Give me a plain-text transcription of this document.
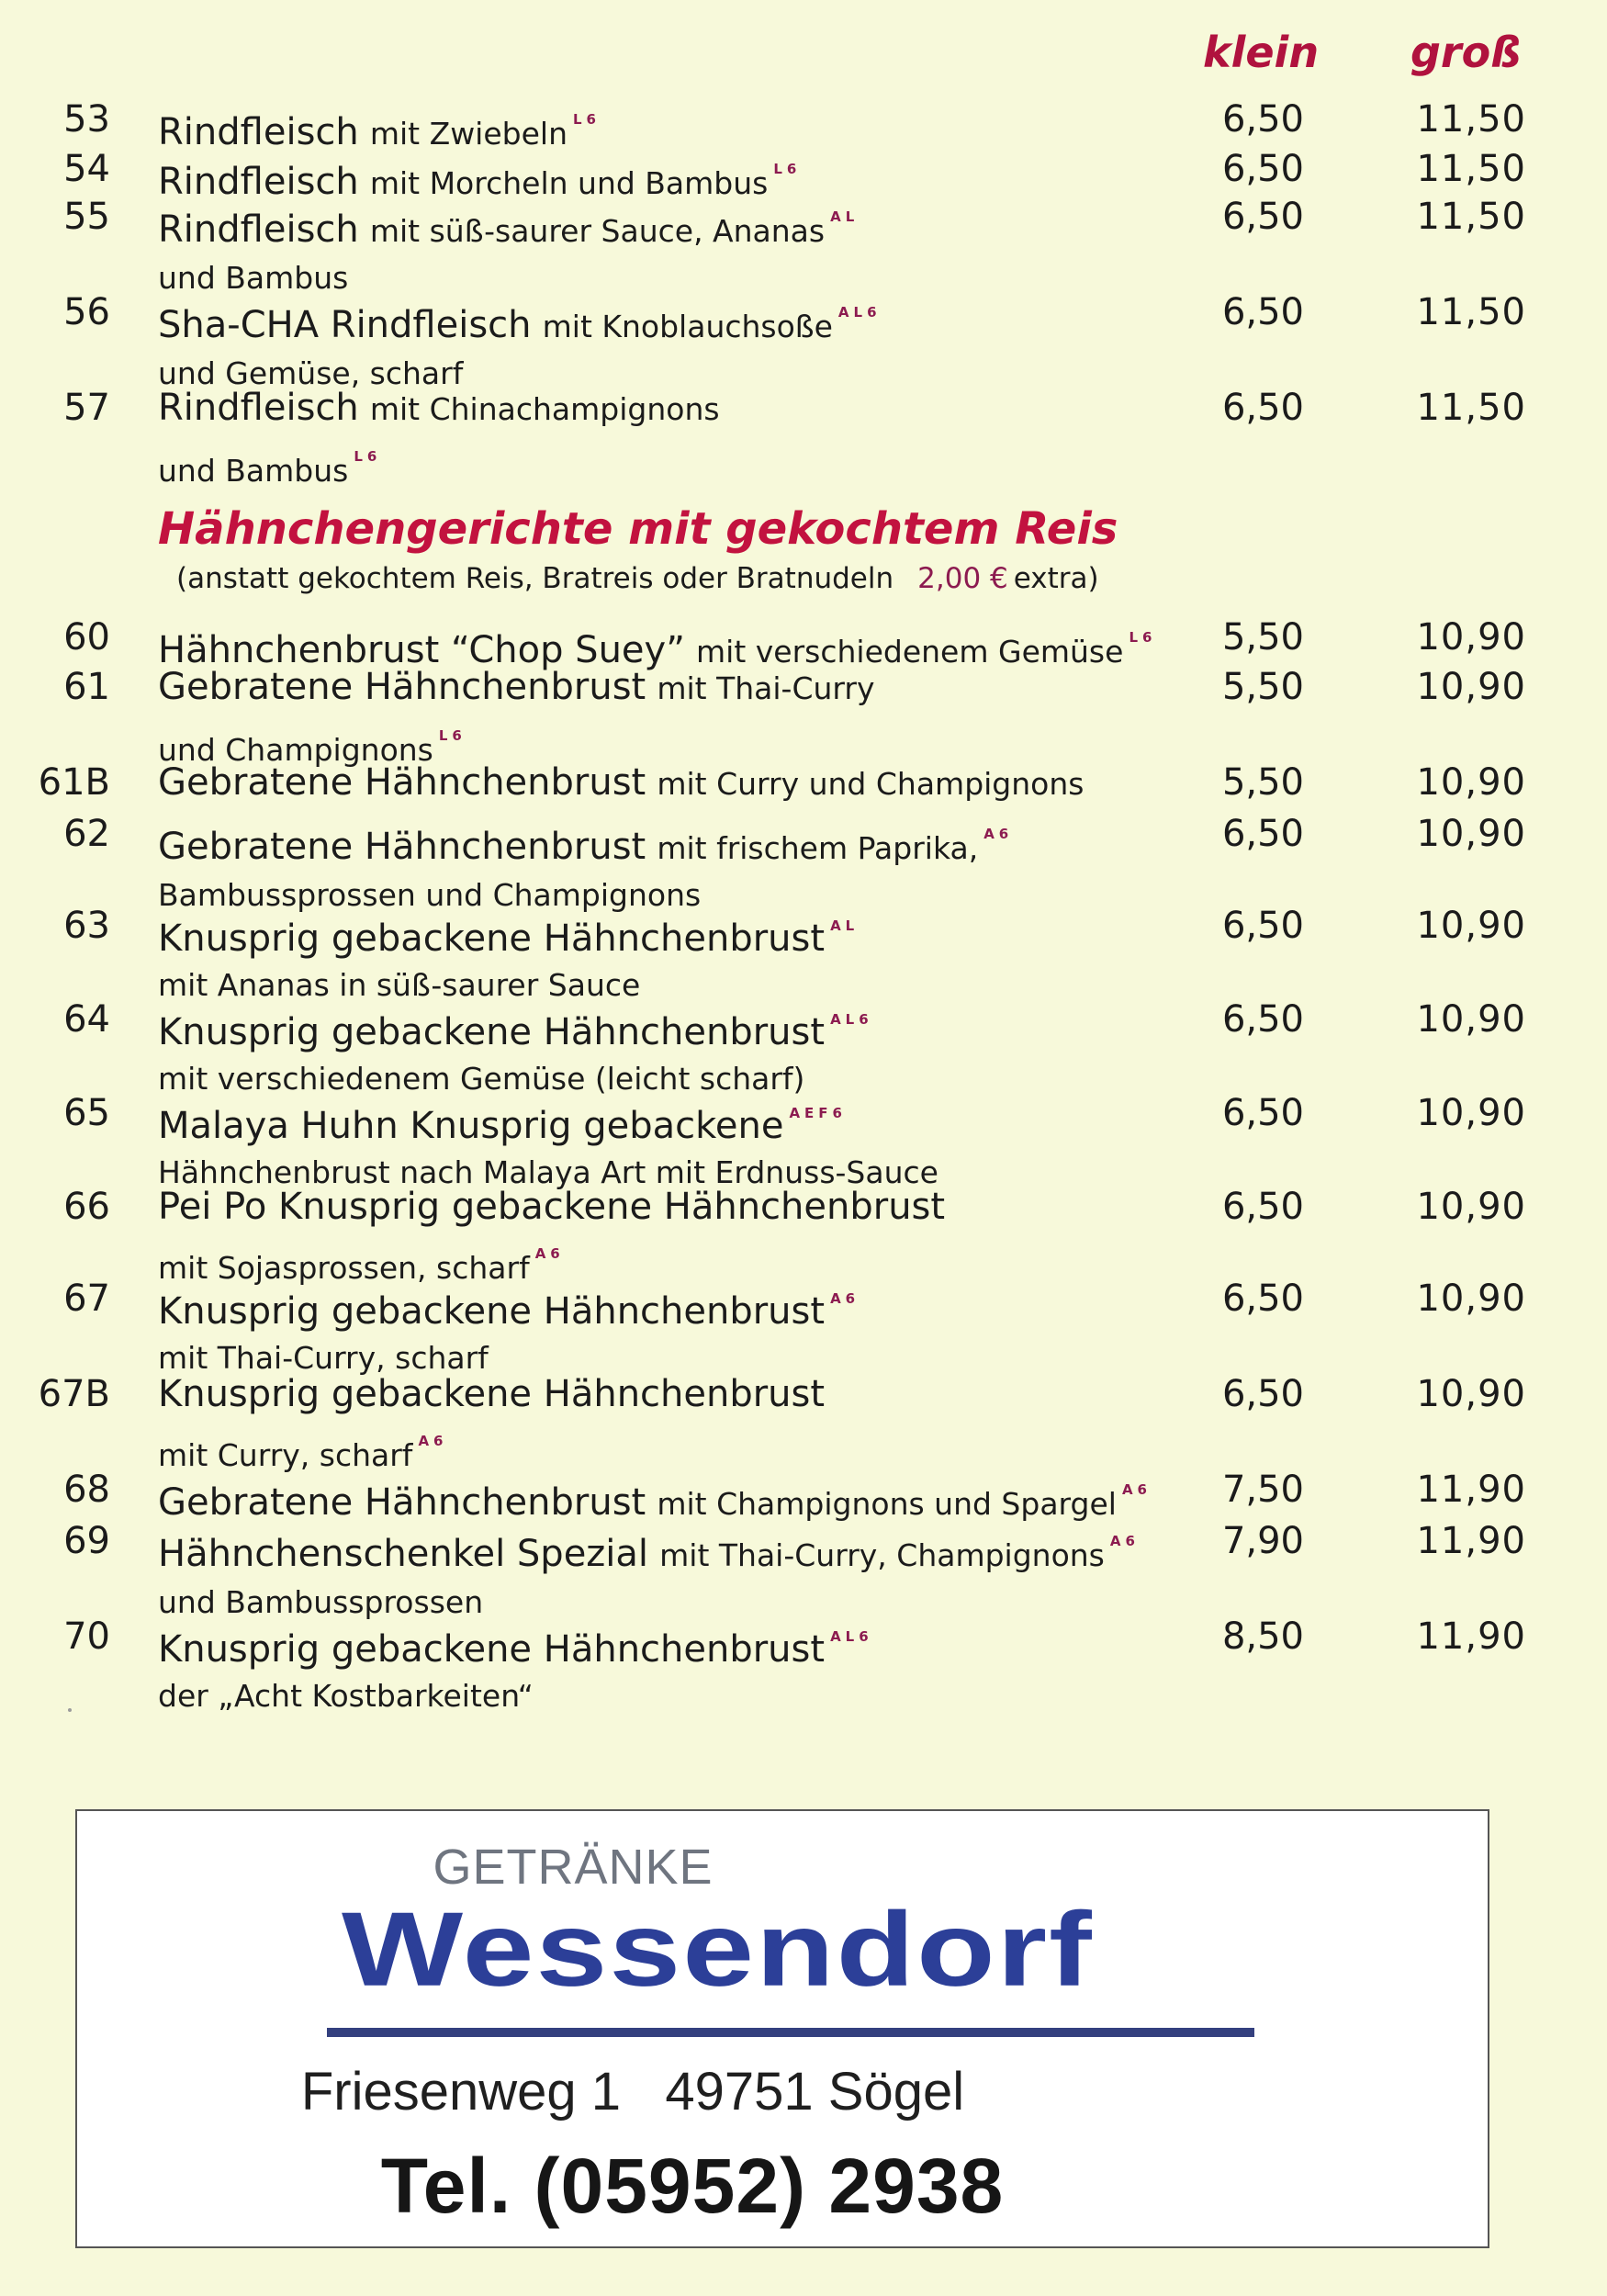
klein groß
53 Rindfleisch mit Zwiebeln $^{L6}$	6,50	11,50
54 Rindfleisch mit Morcheln und Bambus $^{L6}$	6,50	11,50
55 Rindfleisch mit süß-saurer Sauce, Ananas $^{AL}$
und Bambus
6,50	11,50
56 Sha-CHA Rindfleisch mit Knoblauchsoße $^{AL6}$
und Gemüse, scharf
6,50	11,50
57 Rindfleisch mit Chinachampignons
und Bambus $^{L6}$
6,50	11,50
Hähnchengerichte mit gekochtem Reis
(anstatt gekochtem Reis, Bratreis oder Bratnudeln 2,00 € extra)
60 Hähnchenbrust “Chop Suey” mit verschiedenem Gemüse $^{L6}$	5,50	10,90
61 Gebratene Hähnchenbrust mit Thai-Curry
und Champignons $^{L6}$
5,50	10,90
61B Gebratene Hähnchenbrust mit Curry und Champignons	5,50	10,90
62 Gebratene Hähnchenbrust mit frischem Paprika, $^{A6}$
Bambussprossen und Champignons
6,50	10,90
63 Knusprig gebackene Hähnchenbrust $^{AL}$
mit Ananas in süß-saurer Sauce
6,50	10,90
64 Knusprig gebackene Hähnchenbrust $^{AL6}$
mit verschiedenem Gemüse (leicht scharf)
6,50	10,90
65 Malaya Huhn Knusprig gebackene $^{AEF6}$
Hähnchenbrust nach Malaya Art mit Erdnuss-Sauce
6,50	10,90
66 Pei Po Knusprig gebackene Hähnchenbrust
mit Sojasprossen, scharf $^{A6}$
6,50	10,90
67 Knusprig gebackene Hähnchenbrust $^{A6}$
mit Thai-Curry, scharf
6,50	10,90
67B Knusprig gebackene Hähnchenbrust
mit Curry, scharf $^{A6}$
6,50	10,90
68 Gebratene Hähnchenbrust mit Champignons und Spargel $^{A6}$	7,50	11,90
69 Hähnchenschenkel Spezial mit Thai-Curry, Champignons $^{A6}$
und Bambussprossen
7,90	11,90
70 Knusprig gebackene Hähnchenbrust $^{AL6}$
der „Acht Kostbarkeiten“
8,50	11,90
GETRÄNKE
Wessendorf
Friesenweg 1   49751 Sögel
Tel. (05952) 2938
